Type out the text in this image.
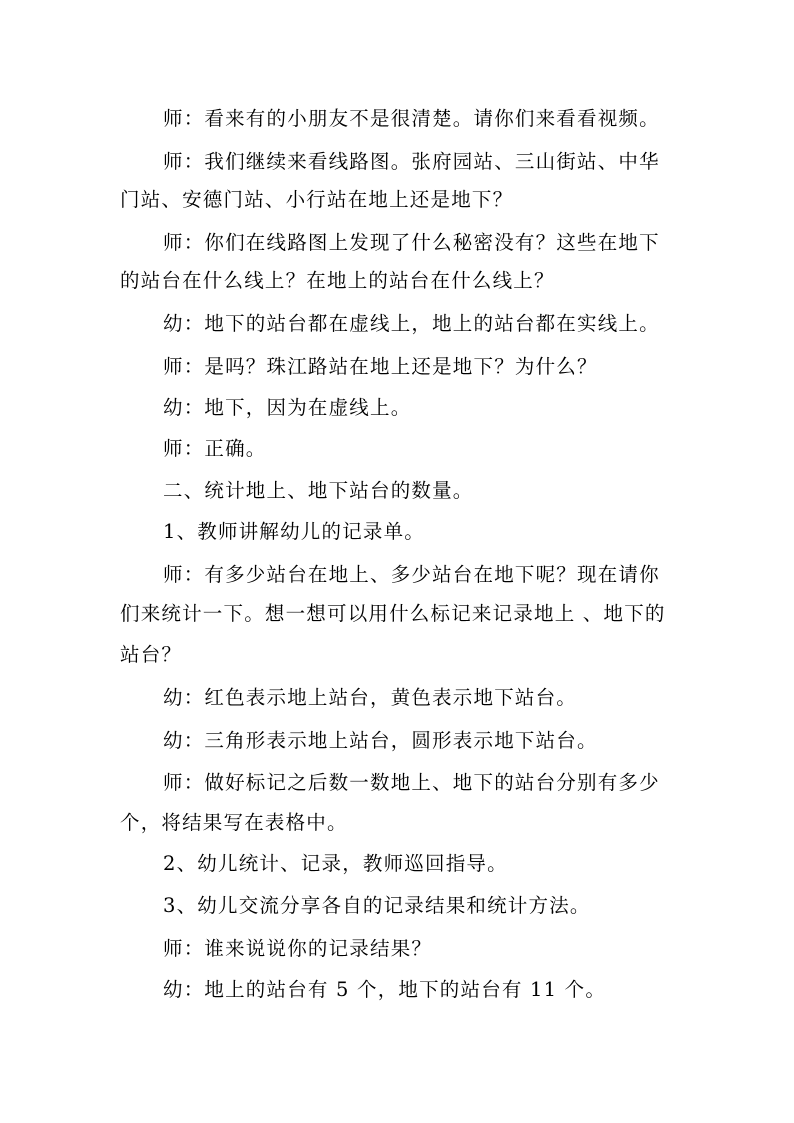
师：看来有的小朋友不是很清楚。请你们来看看视频。
师：我们继续来看线路图。张府园站、三山街站、中华
门站、安德门站、小行站在地上还是地下？
师：你们在线路图上发现了什么秘密没有？这些在地下
的站台在什么线上？在地上的站台在什么线上？
幼：地下的站台都在虚线上，地上的站台都在实线上。
师：是吗？珠江路站在地上还是地下？为什么？
幼：地下，因为在虚线上。
师：正确。
二、统计地上、地下站台的数量。
1、教师讲解幼儿的记录单。
师：有多少站台在地上、多少站台在地下呢？现在请你
们来统计一下。想一想可以用什么标记来记录地上 、地下的
站台？
幼：红色表示地上站台，黄色表示地下站台。
幼：三角形表示地上站台，圆形表示地下站台。
师：做好标记之后数一数地上、地下的站台分别有多少
个，将结果写在表格中。
2、幼儿统计、记录，教师巡回指导。
3、幼儿交流分享各自的记录结果和统计方法。
师：谁来说说你的记录结果？
幼：地上的站台有 5 个，地下的站台有 11 个。
